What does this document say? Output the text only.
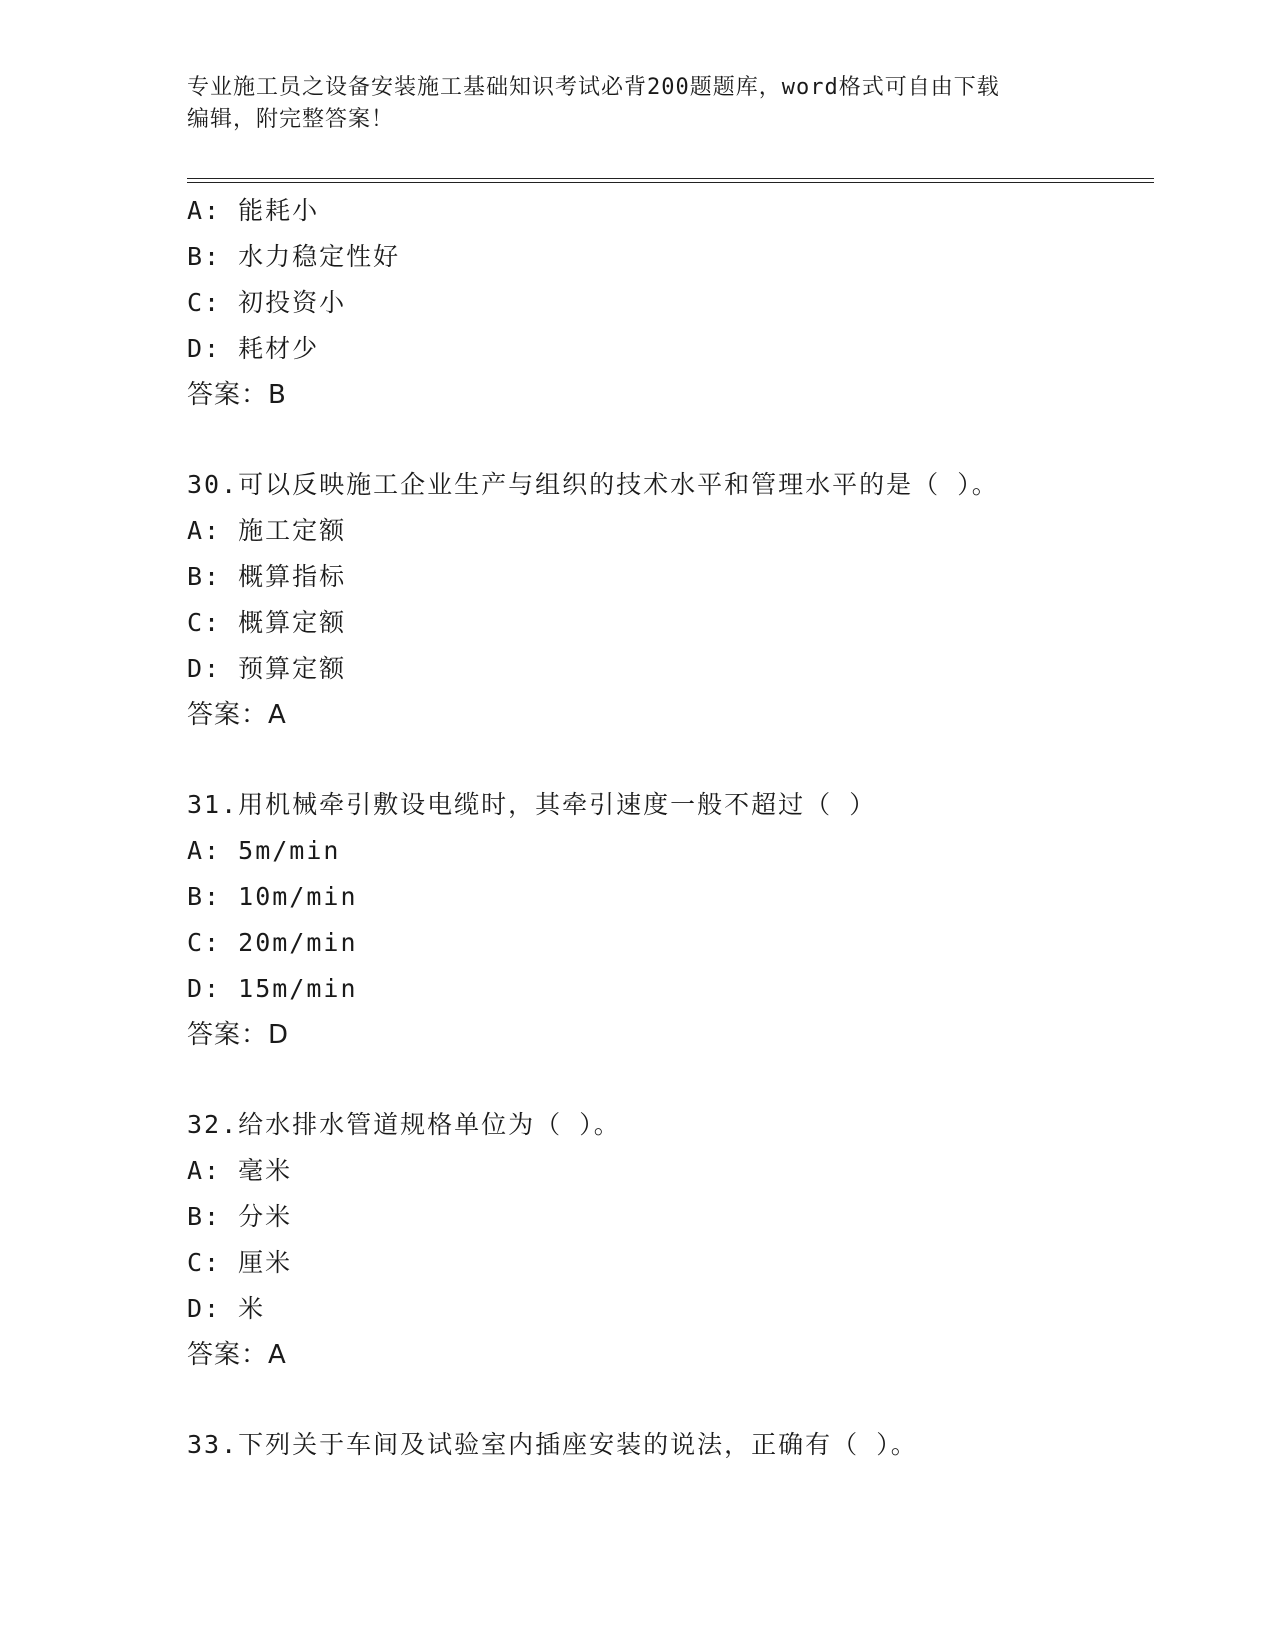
专业施工员之设备安装施工基础知识考试必背200题题库，word格式可自由下载
编辑，附完整答案！
A: 能耗小
B: 水力稳定性好
C: 初投资小
D: 耗材少
答案：B
30.可以反映施工企业生产与组织的技术水平和管理水平的是（ ）。
A: 施工定额
B: 概算指标
C: 概算定额
D: 预算定额
答案：A
31.用机械牵引敷设电缆时，其牵引速度一般不超过（ ）
A: 5m/min
B: 10m/min
C: 20m/min
D: 15m/min
答案：D
32.给水排水管道规格单位为（ ）。
A: 毫米
B: 分米
C: 厘米
D: 米
答案：A
33.下列关于车间及试验室内插座安装的说法，正确有（ ）。
